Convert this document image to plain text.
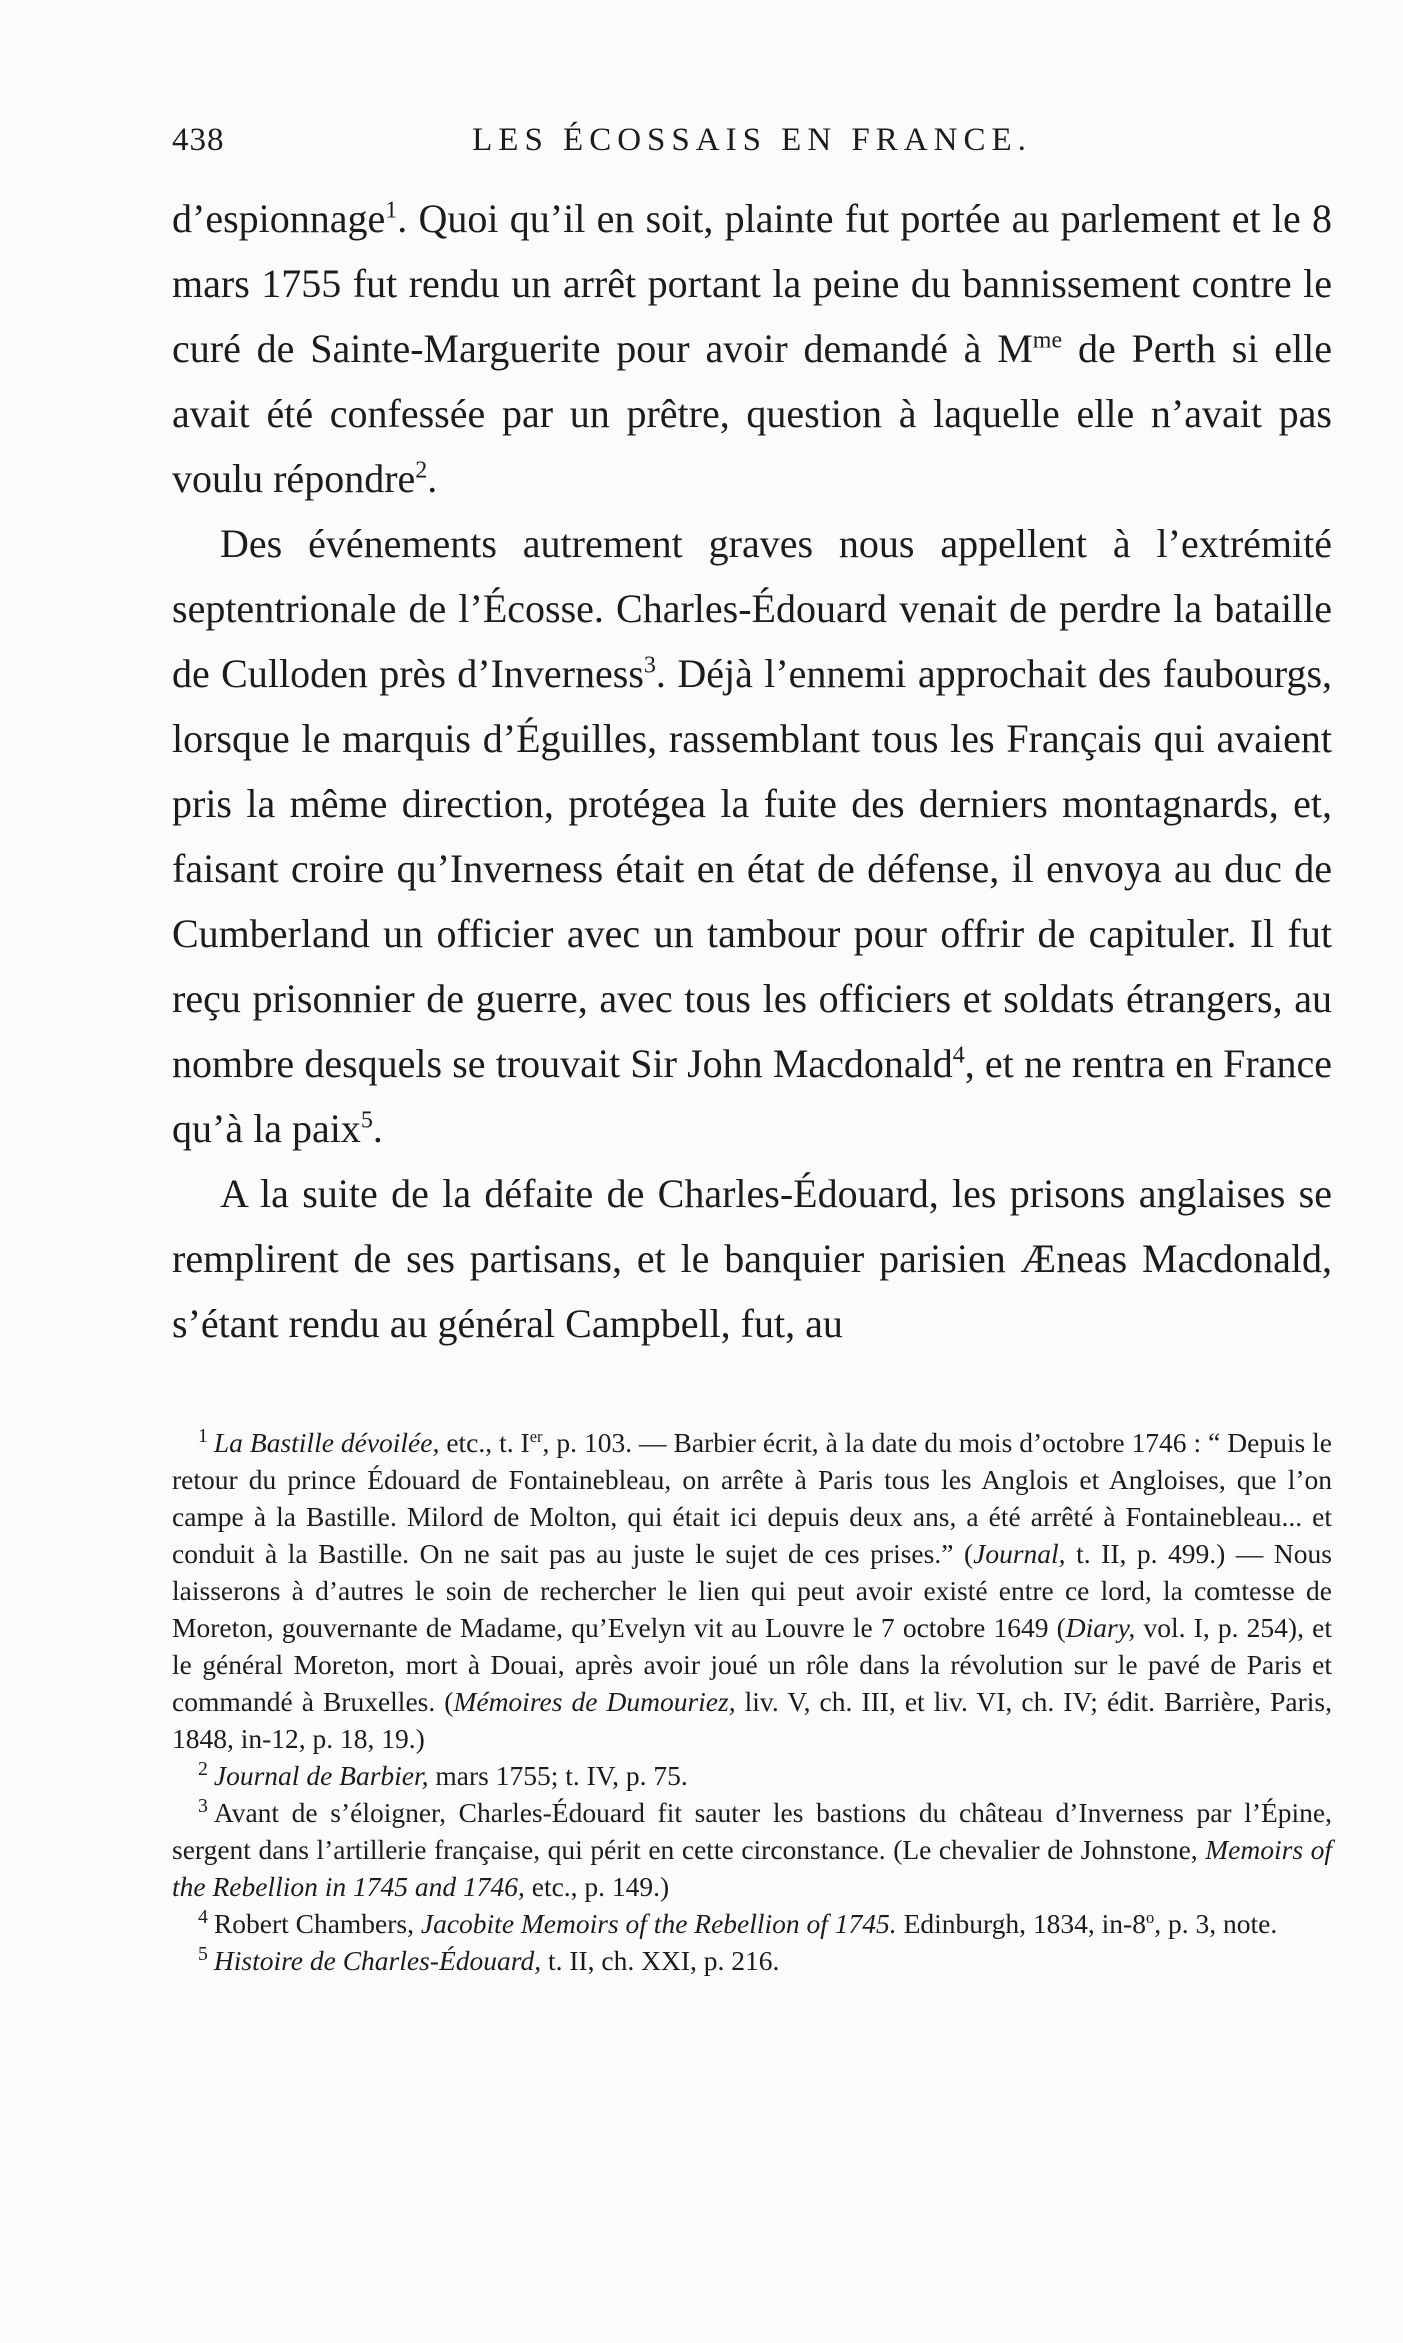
438	LES ÉCOSSAIS EN FRANCE.

d’espionnage$^1$. Quoi qu’il en soit, plainte fut portée au parlement et le 8 mars 1755 fut rendu un arrêt portant la peine du bannissement contre le curé de Sainte-Marguerite pour avoir demandé à $M^{me}$ de Perth si elle avait été confessée par un prêtre, question à laquelle elle n’avait pas voulu répondre$^2$.

Des événements autrement graves nous appellent à l’extrémité septentrionale de l’Écosse. Charles-Édouard venait de perdre la bataille de Culloden près d’Inverness$^3$. Déjà l’ennemi approchait des faubourgs, lorsque le marquis d’Éguilles, rassemblant tous les Français qui avaient pris la même direction, protégea la fuite des derniers montagnards, et, faisant croire qu’Inverness était en état de défense, il envoya au duc de Cumberland un officier avec un tambour pour offrir de capituler. Il fut reçu prisonnier de guerre, avec tous les officiers et soldats étrangers, au nombre desquels se trouvait Sir John Macdonald$^4$, et ne rentra en France qu’à la paix$^5$.

A la suite de la défaite de Charles-Édouard, les prisons anglaises se remplirent de ses partisans, et le banquier parisien Æneas Macdonald, s’étant rendu au général Campbell, fut, au

$^1$ La Bastille dévoilée, etc., t. Ier, p. 103. — Barbier écrit, à la date du mois d’octobre 1746 : “ Depuis le retour du prince Édouard de Fontainebleau, on arrête à Paris tous les Anglois et Angloises, que l’on campe à la Bastille. Milord de Molton, qui était ici depuis deux ans, a été arrêté à Fontainebleau... et conduit à la Bastille. On ne sait pas au juste le sujet de ces prises.” (Journal, t. II, p. 499.) — Nous laisserons à d’autres le soin de rechercher le lien qui peut avoir existé entre ce lord, la comtesse de Moreton, gouvernante de Madame, qu’Evelyn vit au Louvre le 7 octobre 1649 (Diary, vol. I, p. 254), et le général Moreton, mort à Douai, après avoir joué un rôle dans la révolution sur le pavé de Paris et commandé à Bruxelles. (Mémoires de Dumouriez, liv. V, ch. III, et liv. VI, ch. IV; édit. Barrière, Paris, 1848, in-12, p. 18, 19.)

$^2$ Journal de Barbier, mars 1755; t. IV, p. 75.

$^3$ Avant de s’éloigner, Charles-Édouard fit sauter les bastions du château d’Inverness par l’Épine, sergent dans l’artillerie française, qui périt en cette circonstance. (Le chevalier de Johnstone, Memoirs of the Rebellion in 1745 and 1746, etc., p. 149.)

$^4$ Robert Chambers, Jacobite Memoirs of the Rebellion of 1745. Edinburgh, 1834, in-8$^o$, p. 3, note.

$^5$ Histoire de Charles-Édouard, t. II, ch. XXI, p. 216.
